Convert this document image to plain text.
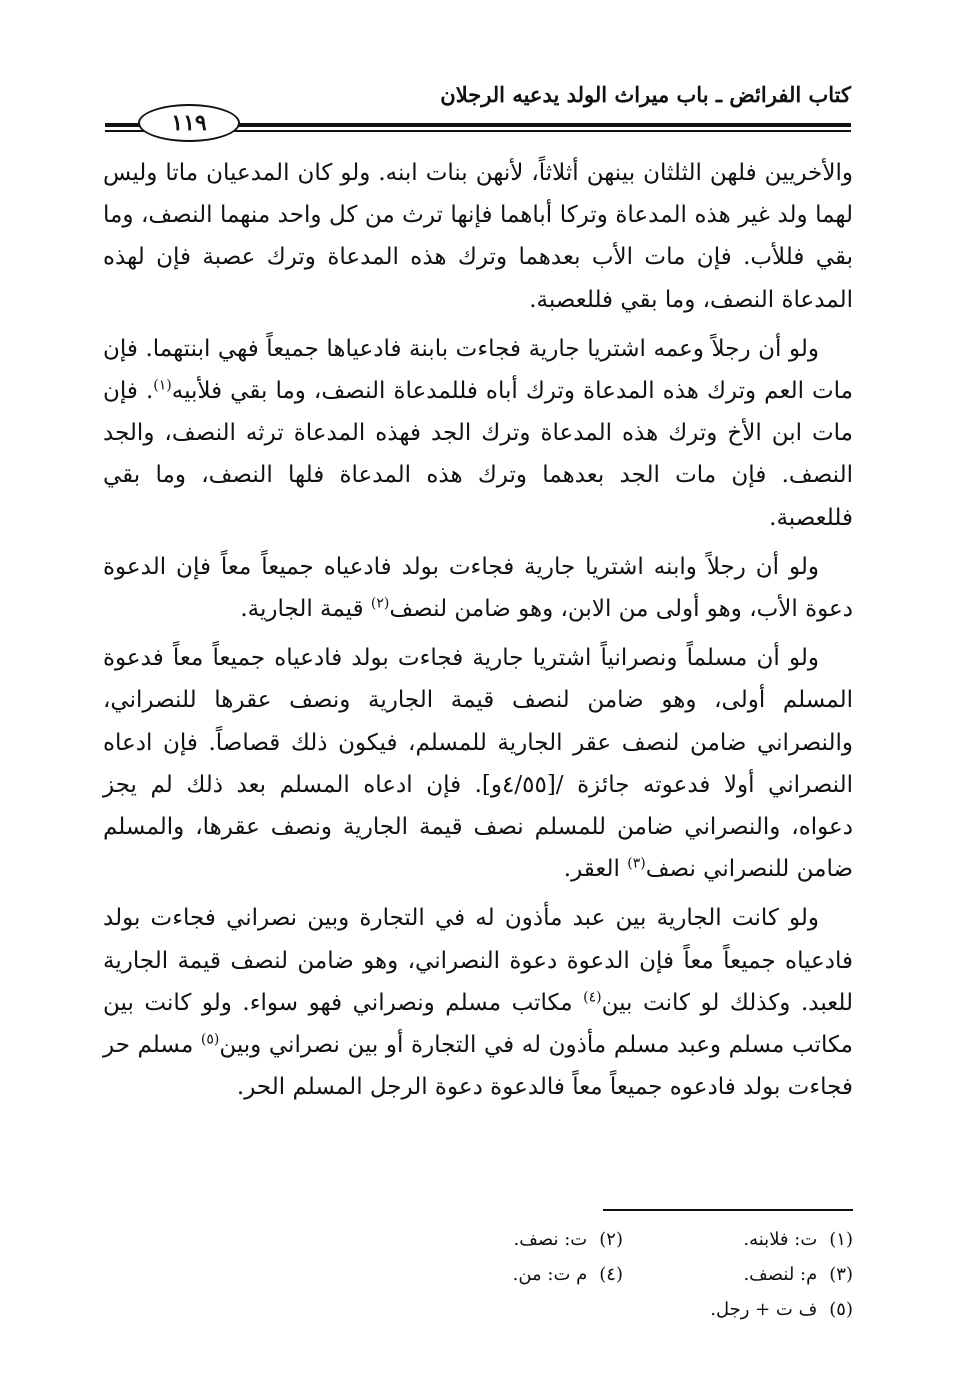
كتاب الفرائض ـ باب ميراث الولد يدعيه الرجلان
١١٩

والأخريين فلهن الثلثان بينهن أثلاثاً، لأنهن بنات ابنه. ولو كان المدعيان ماتا وليس لهما ولد غير هذه المدعاة وتركا أباهما فإنها ترث من كل واحد منهما النصف، وما بقي فللأب. فإن مات الأب بعدهما وترك هذه المدعاة وترك عصبة فإن لهذه المدعاة النصف، وما بقي فللعصبة.

ولو أن رجلاً وعمه اشتريا جارية فجاءت بابنة فادعياها جميعاً فهي ابنتهما. فإن مات العم وترك هذه المدعاة وترك أباه فللمدعاة النصف، وما بقي فلأبيه$^{(١)}$. فإن مات ابن الأخ وترك هذه المدعاة وترك الجد فهذه المدعاة ترثه النصف، والجد النصف. فإن مات الجد بعدهما وترك هذه المدعاة فلها النصف، وما بقي فللعصبة.

ولو أن رجلاً وابنه اشتريا جارية فجاءت بولد فادعياه جميعاً معاً فإن الدعوة دعوة الأب، وهو أولى من الابن، وهو ضامن لنصف$^{(٢)}$ قيمة الجارية.

ولو أن مسلماً ونصرانياً اشتريا جارية فجاءت بولد فادعياه جميعاً معاً فدعوة المسلم أولى، وهو ضامن لنصف قيمة الجارية ونصف عقرها للنصراني، والنصراني ضامن لنصف عقر الجارية للمسلم، فيكون ذلك قصاصاً. فإن ادعاه النصراني أولا فدعوته جائزة /[٤/٥٥و]. فإن ادعاه المسلم بعد ذلك لم يجز دعواه، والنصراني ضامن للمسلم نصف قيمة الجارية ونصف عقرها، والمسلم ضامن للنصراني نصف$^{(٣)}$ العقر.

ولو كانت الجارية بين عبد مأذون له في التجارة وبين نصراني فجاءت بولد فادعياه جميعاً معاً فإن الدعوة دعوة النصراني، وهو ضامن لنصف قيمة الجارية للعبد. وكذلك لو كانت بين$^{(٤)}$ مكاتب مسلم ونصراني فهو سواء. ولو كانت بين مكاتب مسلم وعبد مسلم مأذون له في التجارة أو بين نصراني وبين$^{(٥)}$ مسلم حر فجاءت بولد فادعوه جميعاً معاً فالدعوة دعوة الرجل المسلم الحر.

(١)ت: فلابنه.
(٢)ت: نصف.
(٣)م: لنصف.
(٤)م ت: من.
(٥)ف ت + رجل.
